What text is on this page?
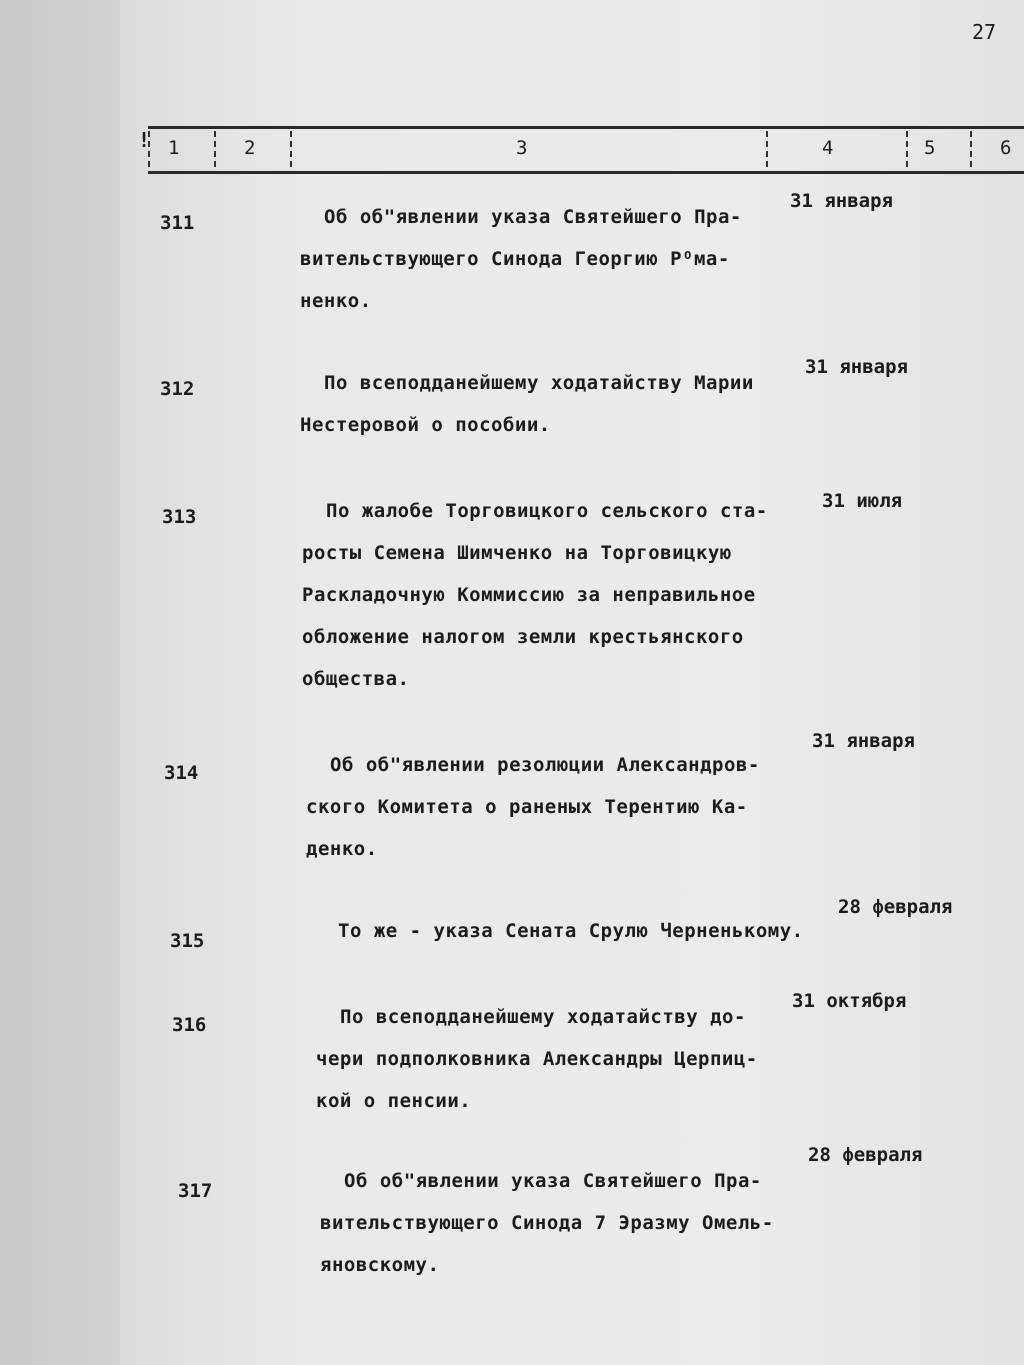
27
! 1	2	3	4	5	6
311	Об об"явлении указа Святейшего Пра-
вительствующего Синода Георгию Рᴼма-
ненко.
31 января
312	По всеподданейшему ходатайству Марии
Нестеровой о пособии.
31 января
313	По жалобе Торговицкого сельского ста-
росты Семена Шимченко на Торговицкую
Раскладочную Коммиссию за неправильное
обложение налогом земли крестьянского
общества.
31 июля
314	Об об"явлении резолюции Александров-
ского Комитета о раненых Терентию Ка-
денко.
31 января
315	То же - указа Сената Срулю Черненькому.
28 февраля
316	По всеподданейшему ходатайству до-
чери подполковника Александры Церпиц-
кой о пенсии.
31 октября
317	Об об"явлении указа Святейшего Пра-
вительствующего Синода 7 Эразму Омель-
яновскому.
28 февраля
